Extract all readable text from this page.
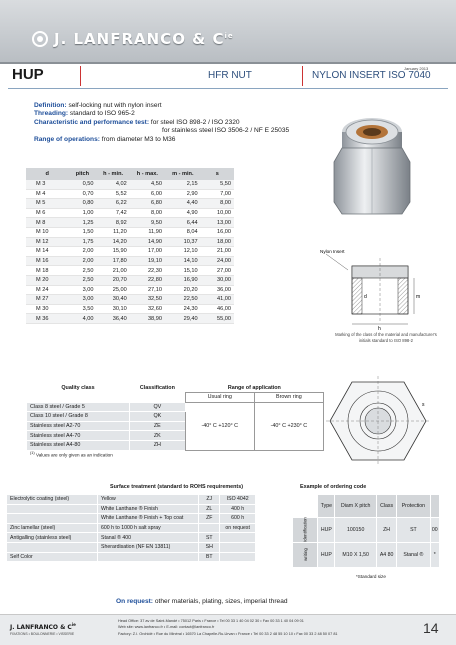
J. LANFRANCO & $C^{ie}$
HUP	HFR NUT	NYLON INSERT ISO 7040
January 2013
Definition: self-locking nut with nylon insert
Threading: standard to ISO 965-2
Characteristic and performance test: for steel ISO 898-2 / ISO 2320
for stainless steel ISO 3506-2 / NF E 25035
Range of operations: from diameter M3 to M36
d	pitch	h - min.	h - max.	m - min.	s
M 3	0,50	4,02	4,50	2,15	5,50
M 4	0,70	5,52	6,00	2,90	7,00
M 5	0,80	6,22	6,80	4,40	8,00
M 6	1,00	7,42	8,00	4,90	10,00
M 8	1,25	8,92	9,50	6,44	13,00
M 10	1,50	11,20	11,90	8,04	16,00
M 12	1,75	14,20	14,90	10,37	18,00
M 14	2,00	15,90	17,00	12,10	21,00
M 16	2,00	17,80	19,10	14,10	24,00
M 18	2,50	21,00	22,30	15,10	27,00
M 20	2,50	20,70	22,80	16,90	30,00
M 24	3,00	25,00	27,10	20,20	36,00
M 27	3,00	30,40	32,50	22,50	41,00
M 30	3,50	30,10	32,60	24,30	46,00
M 36	4,00	36,40	38,90	29,40	55,00
Nylon Insert
h
m
d
Marking of the class of the material and manufacturer's initials standard to ISO 898-2
s
Quality class	Classification	Range of application	
		Usual ring	Brown ring
Class 8 steel / Grade 5	QV	-40° C +120° C	-40° C +230° C
Class 10 steel / Grade 8	QK		
Stainless steel A2-70	ZE		
Stainless steel A4-70	ZK		
Stainless steel A4-80	ZH		
$^{(1)}$ Values are only given as an indication
Surface treatment (standard to ROHS requirements)
Electrolytic coating (steel)	Yellow	ZJ	ISO 4042
	White Lanthane ® Finish	ZL	400 h
	White Lanthane ® Finish + Top coat	ZF	600 h
Zinc lamellar (steel)	600 h to 1000 h salt spray		on request
Antigalling (stainless steel)	Stanal ® 400	ST	
	Sherardisation (NF EN 13811)	SH	
Self Color		BT	
Example of ordering code
	Type	Diam X pitch	Class	Protection	
identification	HUP	100150	ZH	ST	00
writing	HUP	M10 X 1,50	A4 80	Stanal ®	*
*Standard size
On request: other materials, plating, sizes, imperial thread
J. LANFRANCO & $C^{ie}$
FIXATIONS • BOULONNERIE • VISSERIE
Head Office: 37 av de Saint-Mandé • 75012 Paris • France • Tel 00 33 1 40 04 02 30 • Fax 00 33 1 40 04 09 01
Web site: www.lanfranco.fr • E-mail: contact@lanfranco.fr
Factory: Z.I. Orchidé • Rue du Minéral • 16570 La Chapelle-Ru-Urvan • France • Tel 00 33 2 48 55 10 10 • Fax 00 33 2 48 50 07 81	14
